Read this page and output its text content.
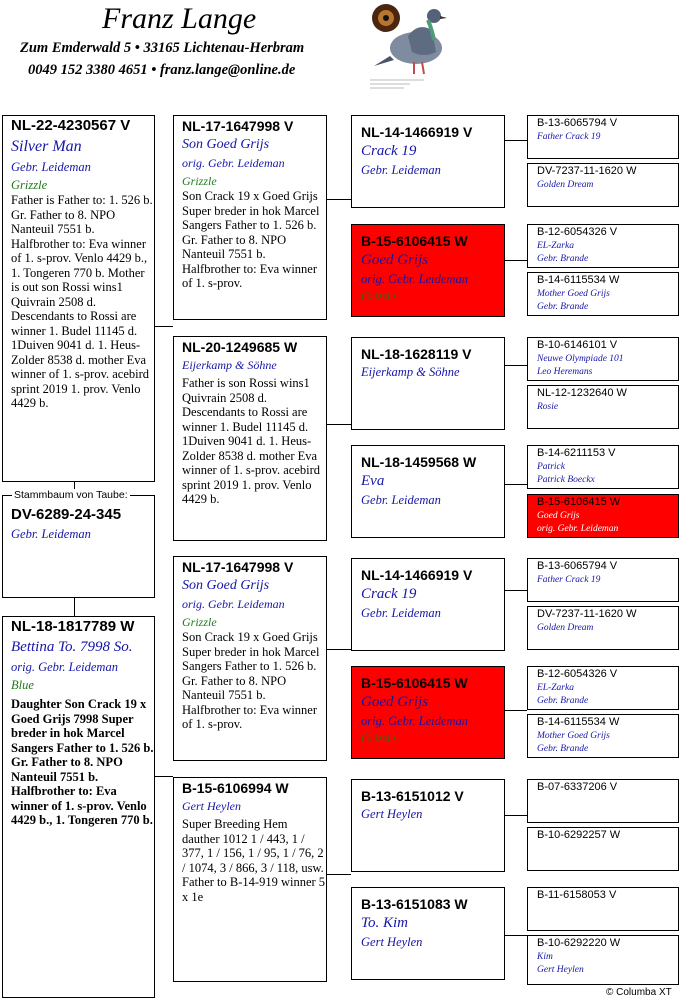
Franz Lange
Zum Emderwald 5 • 33165 Lichtenau-Herbram
0049 152 3380 4651 • franz.lange@online.de
NL-22-4230567 V
Silver Man
Gebr. Leideman
Grizzle
Father is Father to: 1. 526 b. Gr. Father to 8. NPO Nanteuil 7551 b. Halfbrother to: Eva winner of 1. s-prov. Venlo 4429 b., 1. Tongeren 770 b. Mother is out son Rossi wins1 Quivrain 2508 d. Descendants to Rossi are winner 1. Budel 11145 d. 1Duiven 9041 d. 1. Heus-Zolder 8538 d. mother Eva winner of 1. s-prov. acebird sprint 2019 1. prov. Venlo 4429 b.
Stammbaum von Taube:
DV-6289-24-345
Gebr. Leideman
NL-18-1817789 W
Bettina To. 7998 So.
orig. Gebr. Leideman
Blue
Daughter Son Crack 19 x Goed Grijs 7998 Super breder in hok Marcel Sangers Father to 1. 526 b. Gr. Father to 8. NPO Nanteuil 7551 b. Halfbrother to: Eva winner of 1. s-prov. Venlo 4429 b., 1. Tongeren 770 b.
NL-17-1647998 V
Son Goed Grijs
orig. Gebr. Leideman
Grizzle
Son Crack 19 x Goed Grijs Super breder in hok Marcel Sangers Father to 1. 526 b. Gr. Father to 8. NPO Nanteuil 7551 b. Halfbrother to: Eva winner of 1. s-prov.
NL-20-1249685 W
Eijerkamp & Söhne
Father is son Rossi wins1 Quivrain 2508 d. Descendants to Rossi are winner 1. Budel 11145 d. 1Duiven 9041 d. 1. Heus-Zolder 8538 d. mother Eva winner of 1. s-prov. acebird sprint 2019 1. prov. Venlo 4429 b.
NL-17-1647998 V
Son Goed Grijs
orig. Gebr. Leideman
Grizzle
Son Crack 19 x Goed Grijs Super breder in hok Marcel Sangers Father to 1. 526 b. Gr. Father to 8. NPO Nanteuil 7551 b. Halfbrother to: Eva winner of 1. s-prov.
B-15-6106994 W
Gert Heylen
Super Breeding Hem dauther 1012 1 / 443, 1 / 377, 1 / 156, 1 / 95, 1 / 76, 2 / 1074, 3 / 866, 3 / 118, usw. Father to B-14-919 winner 5 x 1e
NL-14-1466919 V
Crack 19
Gebr. Leideman
B-15-6106415 W
Goed Grijs
orig. Gebr. Leideman
Grizzle
NL-18-1628119 V
Eijerkamp & Söhne
NL-18-1459568 W
Eva
Gebr. Leideman
NL-14-1466919 V
Crack 19
Gebr. Leideman
B-15-6106415 W
Goed Grijs
orig. Gebr. Leideman
Grizzle
B-13-6151012 V
Gert Heylen
B-13-6151083 W
To. Kim
Gert Heylen
B-13-6065794 V
Father Crack 19
DV-7237-11-1620 W
Golden Dream
B-12-6054326 V
EL-Zarka
Gebr. Brande
B-14-6115534 W
Mother Goed Grijs
Gebr. Brande
B-10-6146101 V
Neuwe Olympiade 101
Leo Heremans
NL-12-1232640 W
Rosie
B-14-6211153 V
Patrick
Patrick Boeckx
B-15-6106415 W
Goed Grijs
orig. Gebr. Leideman
B-13-6065794 V
Father Crack 19
DV-7237-11-1620 W
Golden Dream
B-12-6054326 V
EL-Zarka
Gebr. Brande
B-14-6115534 W
Mother Goed Grijs
Gebr. Brande
B-07-6337206 V
B-10-6292257 W
B-11-6158053 V
B-10-6292220 W
Kim
Gert Heylen
© Columba XT
